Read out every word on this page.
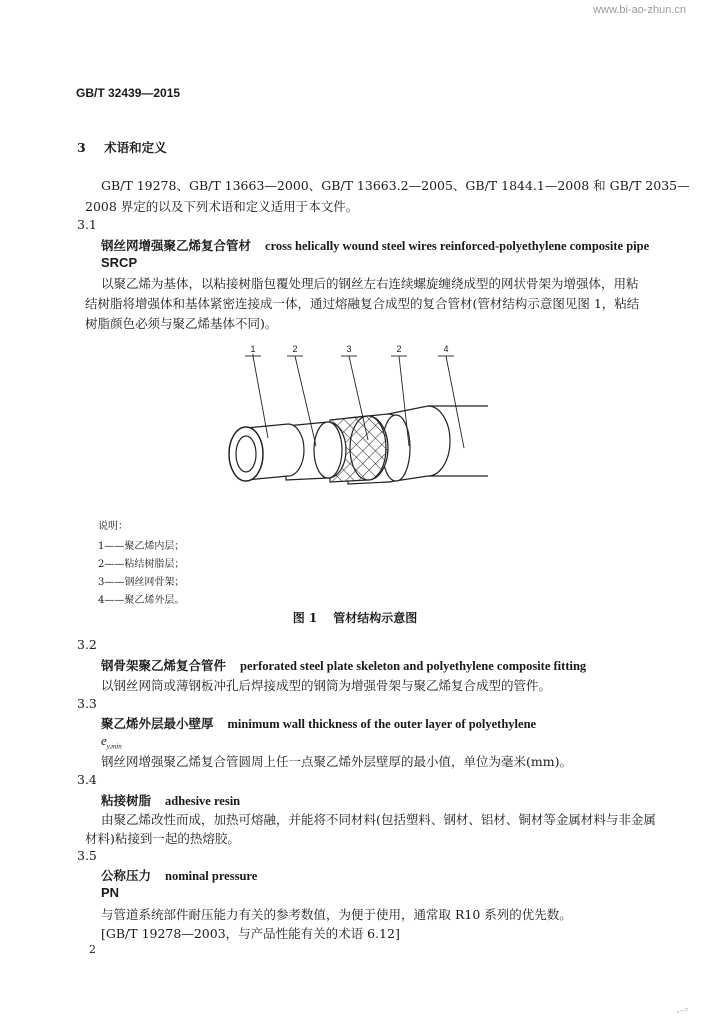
www.bi-ao-zhun.cn
GB/T 32439—2015
3 术语和定义
GB/T 19278、GB/T 13663—2000、GB/T 13663.2—2005、GB/T 1844.1—2008 和 GB/T 2035—
2008 界定的以及下列术语和定义适用于本文件。
3.1
钢丝网增强聚乙烯复合管材 cross helically wound steel wires reinforced-polyethylene composite pipe
SRCP
以聚乙烯为基体，以粘接树脂包覆处理后的钢丝左右连续螺旋缠绕成型的网状骨架为增强体，用粘
结树脂将增强体和基体紧密连接成一体，通过熔融复合成型的复合管材(管材结构示意图见图 1，粘结
树脂颜色必须与聚乙烯基体不同)。
1	2	3	2	4
说明：
1——聚乙烯内层；
2——粘结树脂层；
3——钢丝网骨架；
4——聚乙烯外层。
图 1 管材结构示意图
3.2
钢骨架聚乙烯复合管件 perforated steel plate skeleton and polyethylene composite fitting
以钢丝网筒或薄钢板冲孔后焊接成型的钢筒为增强骨架与聚乙烯复合成型的管件。
3.3
聚乙烯外层最小壁厚 minimum wall thickness of the outer layer of polyethylene
$e_{y,min}$
钢丝网增强聚乙烯复合管圆周上任一点聚乙烯外层壁厚的最小值，单位为毫米(mm)。
3.4
粘接树脂 adhesive resin
由聚乙烯改性而成，加热可熔融，并能将不同材料(包括塑料、钢材、铝材、铜材等金属材料与非金属
材料)粘接到一起的热熔胶。
3.5
公称压力 nominal pressure
PN
与管道系统部件耐压能力有关的参考数值，为便于使用，通常取 R10 系列的优先数。
[GB/T 19278—2003，与产品性能有关的术语 6.12]
2
·⁻⁷
